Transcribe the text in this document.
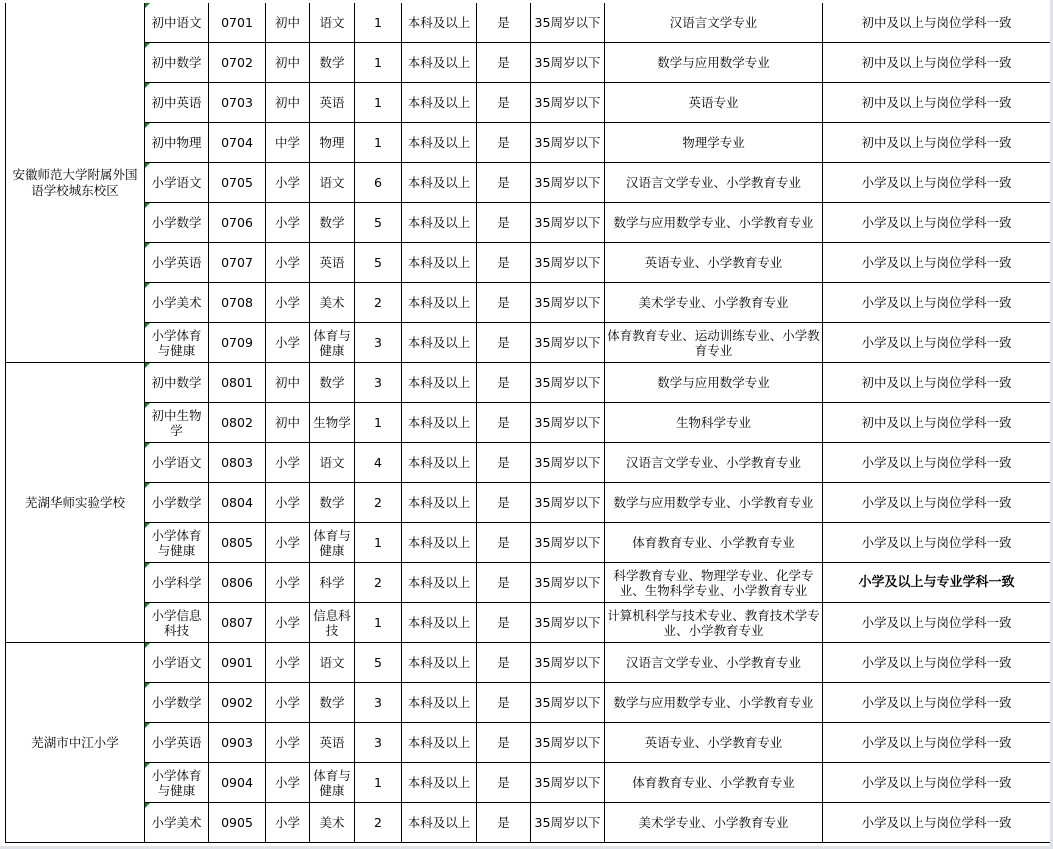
安徽师范大学附属外国语学校城东校区	初中语文	0701	初中	语文	1	本科及以上	是	35周岁以下	汉语言文学专业	初中及以上与岗位学科一致
	初中数学	0702	初中	数学	1	本科及以上	是	35周岁以下	数学与应用数学专业	初中及以上与岗位学科一致
	初中英语	0703	初中	英语	1	本科及以上	是	35周岁以下	英语专业	初中及以上与岗位学科一致
	初中物理	0704	中学	物理	1	本科及以上	是	35周岁以下	物理学专业	初中及以上与岗位学科一致
	小学语文	0705	小学	语文	6	本科及以上	是	35周岁以下	汉语言文学专业、小学教育专业	小学及以上与岗位学科一致
	小学数学	0706	小学	数学	5	本科及以上	是	35周岁以下	数学与应用数学专业、小学教育专业	小学及以上与岗位学科一致
	小学英语	0707	小学	英语	5	本科及以上	是	35周岁以下	英语专业、小学教育专业	小学及以上与岗位学科一致
	小学美术	0708	小学	美术	2	本科及以上	是	35周岁以下	美术学专业、小学教育专业	小学及以上与岗位学科一致
	小学体育与健康	0709	小学	体育与健康	3	本科及以上	是	35周岁以下	体育教育专业、运动训练专业、小学教育专业	小学及以上与岗位学科一致
芜湖华师实验学校	初中数学	0801	初中	数学	3	本科及以上	是	35周岁以下	数学与应用数学专业	初中及以上与岗位学科一致
	初中生物学	0802	初中	生物学	1	本科及以上	是	35周岁以下	生物科学专业	初中及以上与岗位学科一致
	小学语文	0803	小学	语文	4	本科及以上	是	35周岁以下	汉语言文学专业、小学教育专业	小学及以上与岗位学科一致
	小学数学	0804	小学	数学	2	本科及以上	是	35周岁以下	数学与应用数学专业、小学教育专业	小学及以上与岗位学科一致
	小学体育与健康	0805	小学	体育与健康	1	本科及以上	是	35周岁以下	体育教育专业、小学教育专业	小学及以上与岗位学科一致
	小学科学	0806	小学	科学	2	本科及以上	是	35周岁以下	科学教育专业、物理学专业、化学专业、生物科学专业、小学教育专业	小学及以上与专业学科一致
	小学信息科技	0807	小学	信息科技	1	本科及以上	是	35周岁以下	计算机科学与技术专业、教育技术学专业、小学教育专业	小学及以上与岗位学科一致
芜湖市中江小学	小学语文	0901	小学	语文	5	本科及以上	是	35周岁以下	汉语言文学专业、小学教育专业	小学及以上与岗位学科一致
	小学数学	0902	小学	数学	3	本科及以上	是	35周岁以下	数学与应用数学专业、小学教育专业	小学及以上与岗位学科一致
	小学英语	0903	小学	英语	3	本科及以上	是	35周岁以下	英语专业、小学教育专业	小学及以上与岗位学科一致
	小学体育与健康	0904	小学	体育与健康	1	本科及以上	是	35周岁以下	体育教育专业、小学教育专业	小学及以上与岗位学科一致
	小学美术	0905	小学	美术	2	本科及以上	是	35周岁以下	美术学专业、小学教育专业	小学及以上与岗位学科一致
